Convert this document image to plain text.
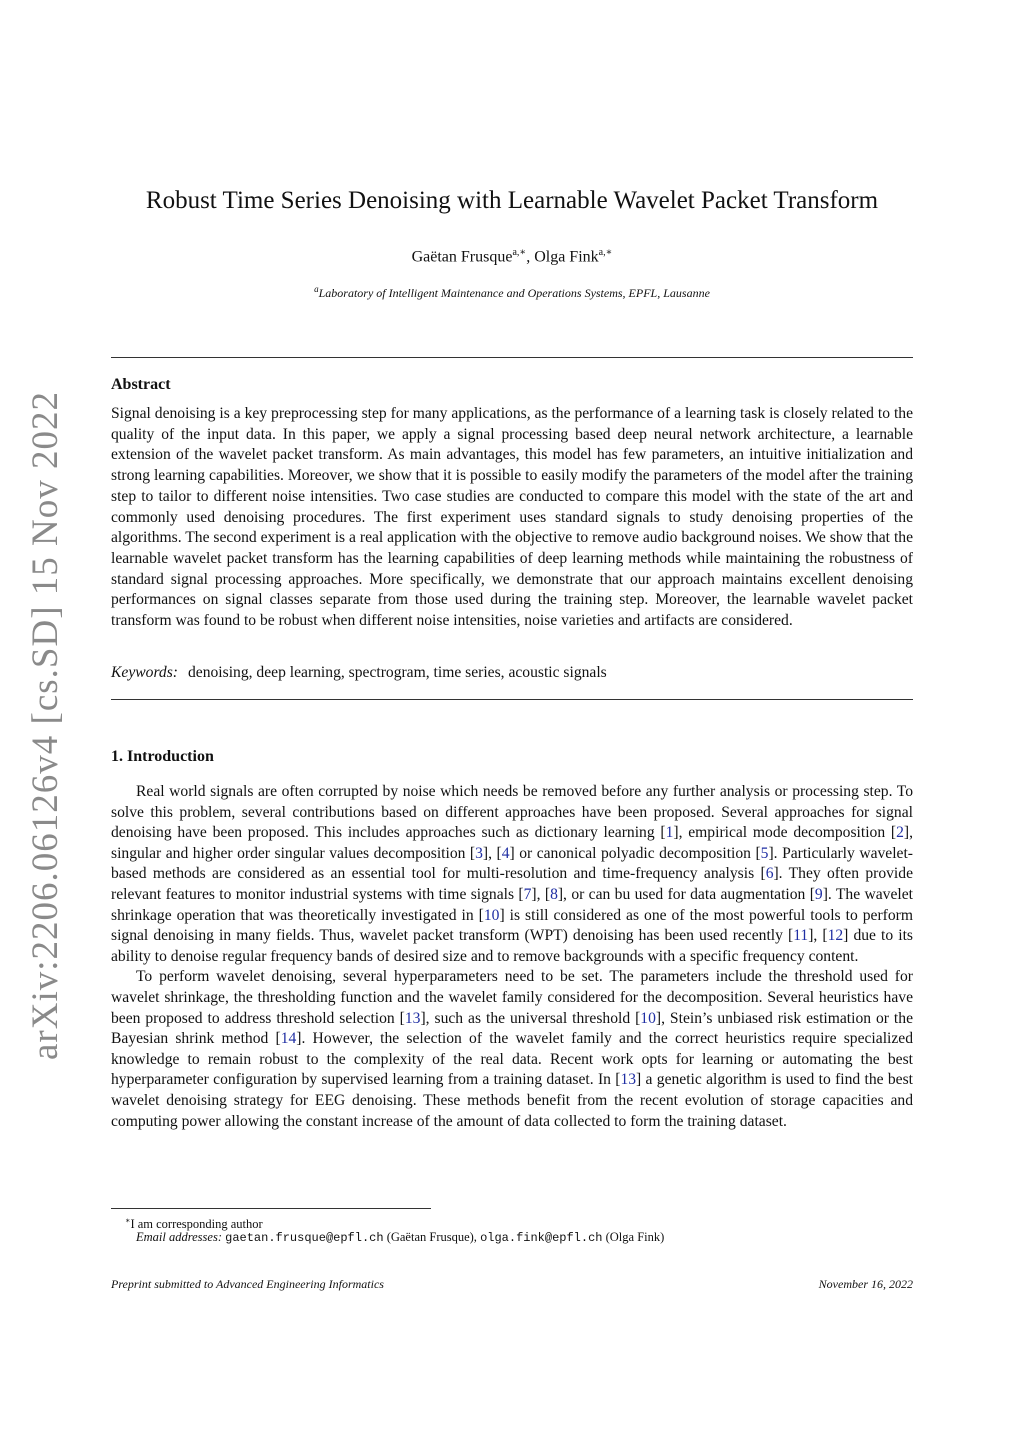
arXiv:2206.06126v4 [cs.SD] 15 Nov 2022
Robust Time Series Denoising with Learnable Wavelet Packet Transform
Gaëtan Frusque$^{a,∗}$, Olga Fink$^{a,∗}$
$^a$Laboratory of Intelligent Maintenance and Operations Systems, EPFL, Lausanne
Abstract

Signal denoising is a key preprocessing step for many applications, as the performance of a learning task is closely related to the quality of the input data. In this paper, we apply a signal processing based deep neural network architecture, a learnable extension of the wavelet packet transform. As main advantages, this model has few parameters, an intuitive initialization and strong learning capabilities. Moreover, we show that it is possible to easily modify the parameters of the model after the training step to tailor to different noise intensities. Two case studies are conducted to compare this model with the state of the art and commonly used denoising procedures. The first experiment uses standard signals to study denoising properties of the algorithms. The second experiment is a real application with the objective to remove audio background noises. We show that the learnable wavelet packet transform has the learning capabilities of deep learning methods while maintaining the robustness of standard signal processing approaches. More specifically, we demonstrate that our approach maintains excellent denoising performances on signal classes separate from those used during the training step. Moreover, the learnable wavelet packet transform was found to be robust when different noise intensities, noise varieties and artifacts are considered.

Keywords: denoising, deep learning, spectrogram, time series, acoustic signals
1. Introduction

Real world signals are often corrupted by noise which needs be removed before any further analysis or processing step. To solve this problem, several contributions based on different approaches have been proposed. Several approaches for signal denoising have been proposed. This includes approaches such as dictionary learning [1], empirical mode decomposition [2], singular and higher order singular values decomposition [3], [4] or canonical polyadic decomposition [5]. Particularly wavelet-based methods are considered as an essential tool for multi-resolution and time-frequency analysis [6]. They often provide relevant features to monitor industrial systems with time signals [7], [8], or can bu used for data augmentation [9]. The wavelet shrinkage operation that was theoretically investigated in [10] is still considered as one of the most powerful tools to perform signal denoising in many fields. Thus, wavelet packet transform (WPT) denoising has been used recently [11], [12] due to its ability to denoise regular frequency bands of desired size and to remove backgrounds with a specific frequency content.

To perform wavelet denoising, several hyperparameters need to be set. The parameters include the threshold used for wavelet shrinkage, the thresholding function and the wavelet family considered for the decomposition. Several heuristics have been proposed to address threshold selection [13], such as the universal threshold [10], Stein’s unbiased risk estimation or the Bayesian shrink method [14]. However, the selection of the wavelet family and the correct heuristics require specialized knowledge to remain robust to the complexity of the real data. Recent work opts for learning or automating the best hyperparameter configuration by supervised learning from a training dataset. In [13] a genetic algorithm is used to find the best wavelet denoising strategy for EEG denoising. These methods benefit from the recent evolution of storage capacities and computing power allowing the constant increase of the amount of data collected to form the training dataset.

∗I am corresponding author
Email addresses: gaetan.frusque@epfl.ch (Gaëtan Frusque), olga.fink@epfl.ch (Olga Fink)
Preprint submitted to Advanced Engineering Informatics	November 16, 2022
